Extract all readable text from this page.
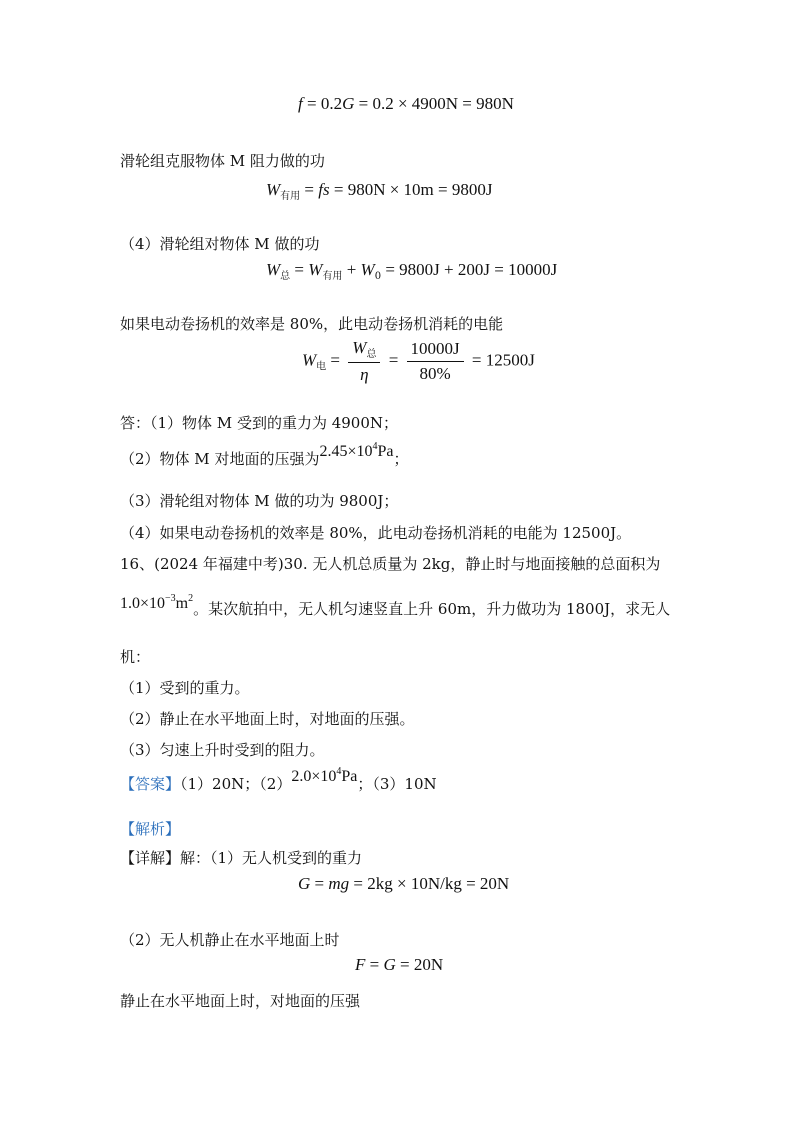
f = 0.2G = 0.2 × 4900N = 980N
滑轮组克服物体 M 阻力做的功
$W_{有用}$ = fs = 980N × 10m = 9800J
（4）滑轮组对物体 M 做的功
$W_总 = W_{有用} + W_0 = 9800J + 200J = 10000J$
如果电动卷扬机的效率是 80%，此电动卷扬机消耗的电能
$W_电 = \frac{W_总}{\eta} = \frac{10000J}{80\%} = 12500J$
答：（1）物体 M 受到的重力为 4900N；
（2）物体 M 对地面的压强为$2.45\times 10^4Pa$；
（3）滑轮组对物体 M 做的功为 9800J；
（4）如果电动卷扬机的效率是 80%，此电动卷扬机消耗的电能为 12500J。
16、(2024 年福建中考)30. 无人机总质量为 2kg，静止时与地面接触的总面积为
$1.0\times 10^{-3}m^2$。某次航拍中，无人机匀速竖直上升 60m，升力做功为 1800J，求无人
机：
（1）受到的重力。
（2）静止在水平地面上时，对地面的压强。
（3）匀速上升时受到的阻力。
【答案】（1）20N；$(2)2.0\times 10^4Pa$；（3）10N
【解析】
【详解】解：（1）无人机受到的重力
G = mg = 2kg × 10N/kg = 20N
（2）无人机静止在水平地面上时
F = G = 20N
静止在水平地面上时，对地面的压强
